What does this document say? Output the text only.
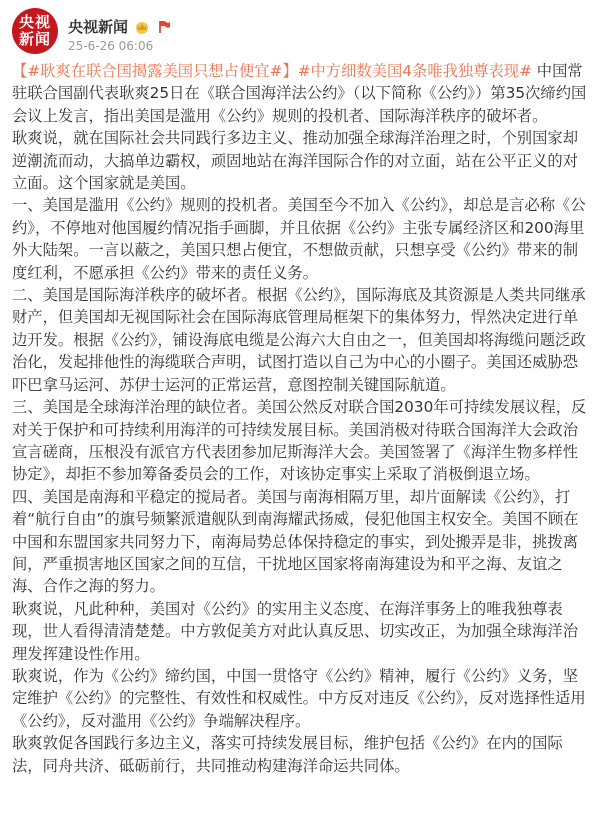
央视
新闻
央视新闻
25-6-26 06:06

【#耿爽在联合国揭露美国只想占便宜#】#中方细数美国4条唯我独尊表现# 中国常驻联合国副代表耿爽25日在《联合国海洋法公约》（以下简称《公约》）第35次缔约国会议上发言，指出美国是滥用《公约》规则的投机者、国际海洋秩序的破坏者。

耿爽说，就在国际社会共同践行多边主义、推动加强全球海洋治理之时，个别国家却逆潮流而动，大搞单边霸权，顽固地站在海洋国际合作的对立面，站在公平正义的对立面。这个国家就是美国。

一、美国是滥用《公约》规则的投机者。美国至今不加入《公约》，却总是言必称《公约》，不停地对他国履约情况指手画脚，并且依据《公约》主张专属经济区和200海里外大陆架。一言以蔽之，美国只想占便宜，不想做贡献，只想享受《公约》带来的制度红利，不愿承担《公约》带来的责任义务。

二、美国是国际海洋秩序的破坏者。根据《公约》，国际海底及其资源是人类共同继承财产，但美国却无视国际社会在国际海底管理局框架下的集体努力，悍然决定进行单边开发。根据《公约》，铺设海底电缆是公海六大自由之一，但美国却将海缆问题泛政治化，发起排他性的海缆联合声明，试图打造以自己为中心的小圈子。美国还威胁恐吓巴拿马运河、苏伊士运河的正常运营，意图控制关键国际航道。

三、美国是全球海洋治理的缺位者。美国公然反对联合国2030年可持续发展议程，反对关于保护和可持续利用海洋的可持续发展目标。美国消极对待联合国海洋大会政治宣言磋商，压根没有派官方代表团参加尼斯海洋大会。美国签署了《海洋生物多样性协定》，却拒不参加筹备委员会的工作，对该协定事实上采取了消极倒退立场。

四、美国是南海和平稳定的搅局者。美国与南海相隔万里，却片面解读《公约》，打着“航行自由”的旗号频繁派遣舰队到南海耀武扬威，侵犯他国主权安全。美国不顾在中国和东盟国家共同努力下，南海局势总体保持稳定的事实，到处搬弄是非，挑拨离间，严重损害地区国家之间的互信，干扰地区国家将南海建设为和平之海、友谊之海、合作之海的努力。

耿爽说，凡此种种，美国对《公约》的实用主义态度、在海洋事务上的唯我独尊表现，世人看得清清楚楚。中方敦促美方对此认真反思、切实改正，为加强全球海洋治理发挥建设性作用。

耿爽说，作为《公约》缔约国，中国一贯恪守《公约》精神，履行《公约》义务，坚定维护《公约》的完整性、有效性和权威性。中方反对违反《公约》，反对选择性适用《公约》，反对滥用《公约》争端解决程序。

耿爽敦促各国践行多边主义，落实可持续发展目标，维护包括《公约》在内的国际法，同舟共济、砥砺前行，共同推动构建海洋命运共同体。
